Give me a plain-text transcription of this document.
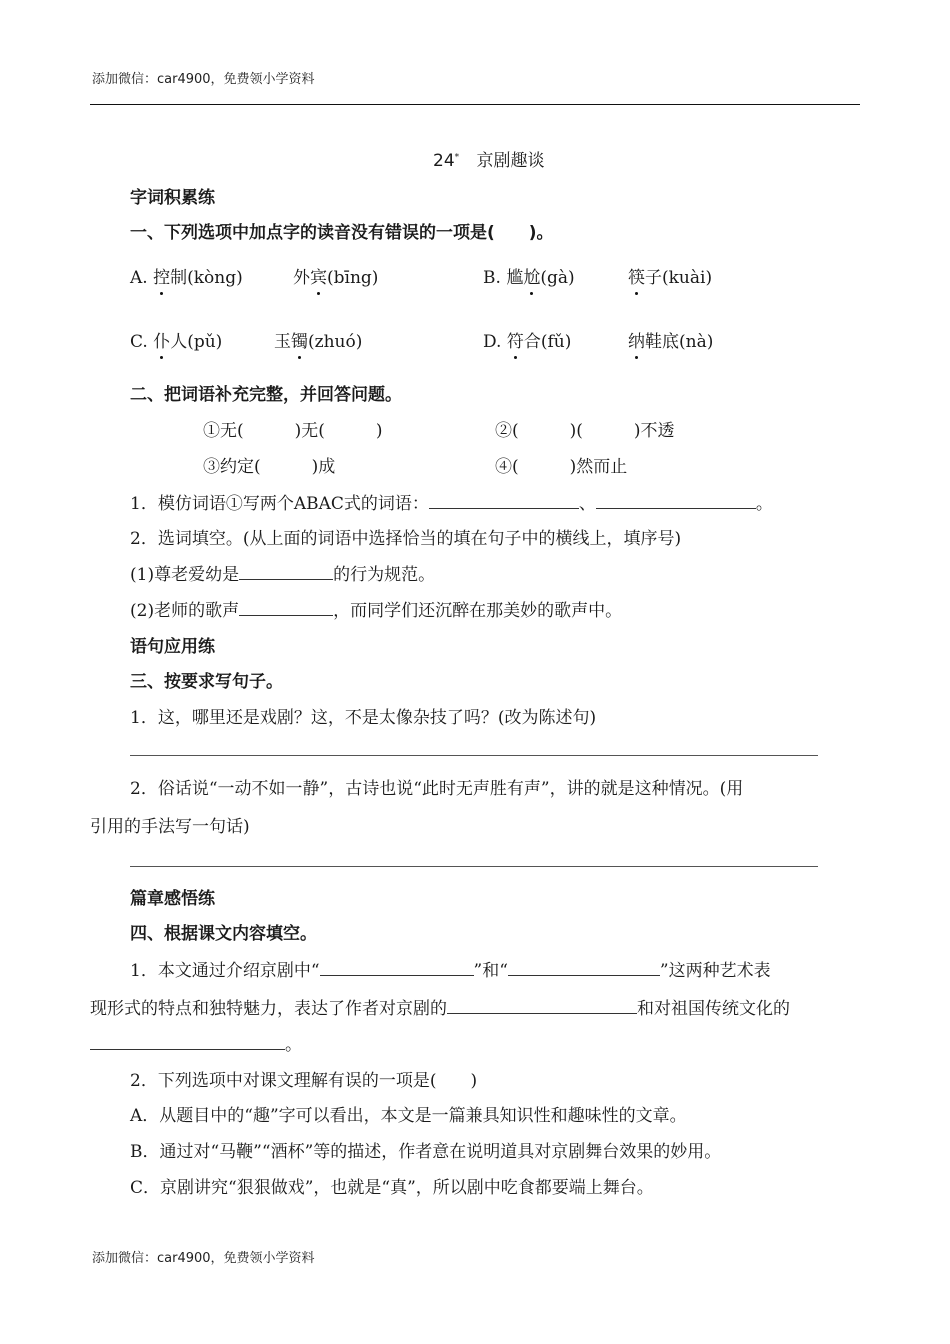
添加微信：car4900，免费领小学资料
24* 京剧趣谈
字词积累练
一、下列选项中加点字的读音没有错误的一项是(　　)。
A. 控制(kòng)	外宾(bīng)	B. 尴尬(gà)	筷子(kuài)
C. 仆人(pǔ)	玉镯(zhuó)	D. 符合(fǔ)	纳鞋底(nà)
二、把词语补充完整，并回答问题。
①无(　　　)无(　　　)	②(　　　)(　　　)不透
③约定(　　　)成	④(　　　)然而止
1．模仿词语①写两个ABAC式的词语：	、	。
2．选词填空。(从上面的词语中选择恰当的填在句子中的横线上，填序号)
(1)尊老爱幼是	的行为规范。
(2)老师的歌声	，而同学们还沉醉在那美妙的歌声中。
语句应用练
三、按要求写句子。
1．这，哪里还是戏剧？这，不是太像杂技了吗？(改为陈述句)
2．俗话说“一动不如一静”，古诗也说“此时无声胜有声”，讲的就是这种情况。(用
引用的手法写一句话)
篇章感悟练
四、根据课文内容填空。
1．本文通过介绍京剧中“	”和“	”这两种艺术表
现形式的特点和独特魅力，表达了作者对京剧的	和对祖国传统文化的
。
2．下列选项中对课文理解有误的一项是(　　)
A．从题目中的“趣”字可以看出，本文是一篇兼具知识性和趣味性的文章。
B．通过对“马鞭”“酒杯”等的描述，作者意在说明道具对京剧舞台效果的妙用。
C．京剧讲究“狠狠做戏”，也就是“真”，所以剧中吃食都要端上舞台。
添加微信：car4900，免费领小学资料
